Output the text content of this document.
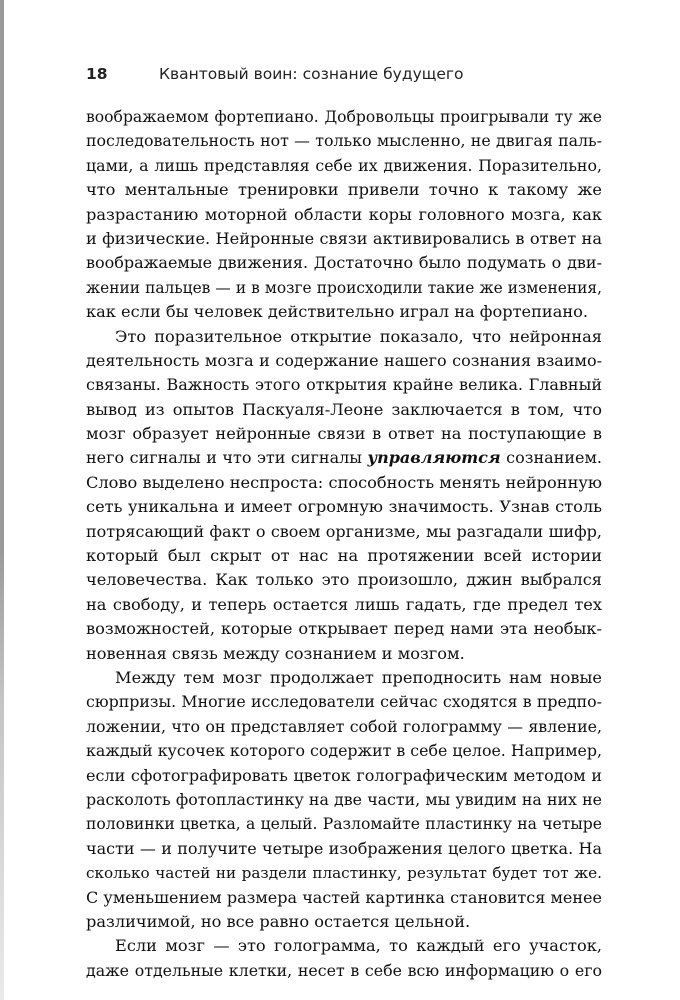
18	Квантовый воин: сознание будущего
воображаемом фортепиано. Добровольцы проигрывали ту же
последовательность нот — только мысленно, не двигая паль-
цами, а лишь представляя себе их движения. Поразительно,
что ментальные тренировки привели точно к такому же
разрастанию моторной области коры головного мозга, как
и физические. Нейронные связи активировались в ответ на
воображаемые движения. Достаточно было подумать о дви-
жении пальцев — и в мозге происходили такие же изменения,
как если бы человек действительно играл на фортепиано.
Это поразительное открытие показало, что нейронная
деятельность мозга и содержание нашего сознания взаимо-
связаны. Важность этого открытия крайне велика. Главный
вывод из опытов Паскуаля-Леоне заключается в том, что
мозг образует нейронные связи в ответ на поступающие в
него сигналы и что эти сигналы управляются сознанием.
Слово выделено неспроста: способность менять нейронную
сеть уникальна и имеет огромную значимость. Узнав столь
потрясающий факт о своем организме, мы разгадали шифр,
который был скрыт от нас на протяжении всей истории
человечества. Как только это произошло, джин выбрался
на свободу, и теперь остается лишь гадать, где предел тех
возможностей, которые открывает перед нами эта необык-
новенная связь между сознанием и мозгом.
Между тем мозг продолжает преподносить нам новые
сюрпризы. Многие исследователи сейчас сходятся в предпо-
ложении, что он представляет собой голограмму — явление,
каждый кусочек которого содержит в себе целое. Например,
если сфотографировать цветок голографическим методом и
расколоть фотопластинку на две части, мы увидим на них не
половинки цветка, а целый. Разломайте пластинку на четыре
части — и получите четыре изображения целого цветка. На
сколько частей ни раздели пластинку, результат будет тот же.
С уменьшением размера частей картинка становится менее
различимой, но все равно остается цельной.
Если мозг — это голограмма, то каждый его участок,
даже отдельные клетки, несет в себе всю информацию о его
